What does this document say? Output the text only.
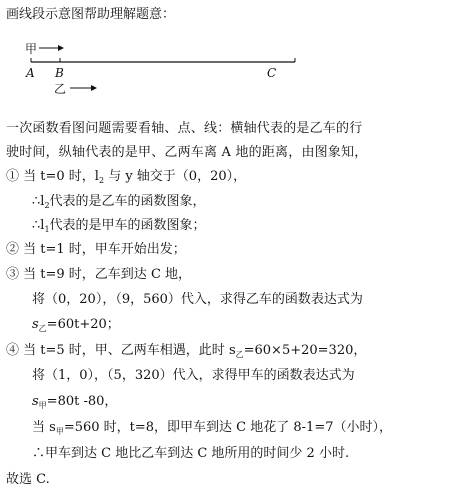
画线段示意图帮助理解题意：
甲
A B	C
乙
一次函数看图问题需要看轴、点、线：横轴代表的是乙车的行
驶时间，纵轴代表的是甲、乙两车离 A 地的距离，由图象知，
① 当 t=0 时，$l_2$ 与 y 轴交于（0，20），
$\therefore l_2$代表的是乙车的函数图象，
$\therefore l_1$代表的是甲车的函数图象；
② 当 t=1 时，甲车开始出发；
③ 当 t=9 时，乙车到达 C 地，
将（0，20），（9，560）代入，求得乙车的函数表达式为
$s_乙=60t+20$；
④ 当 t=5 时，甲、乙两车相遇，此时 $s_乙=60\times 5+20=320$，
将（1，0），（5，320）代入，求得甲车的函数表达式为
$s_甲=80t$ -80，
当 $s_甲=560$ 时，t=8，即甲车到达 C 地花了 8-1=7（小时），
∴甲车到达 C 地比乙车到达 C 地所用的时间少 2 小时.
故选 C.
